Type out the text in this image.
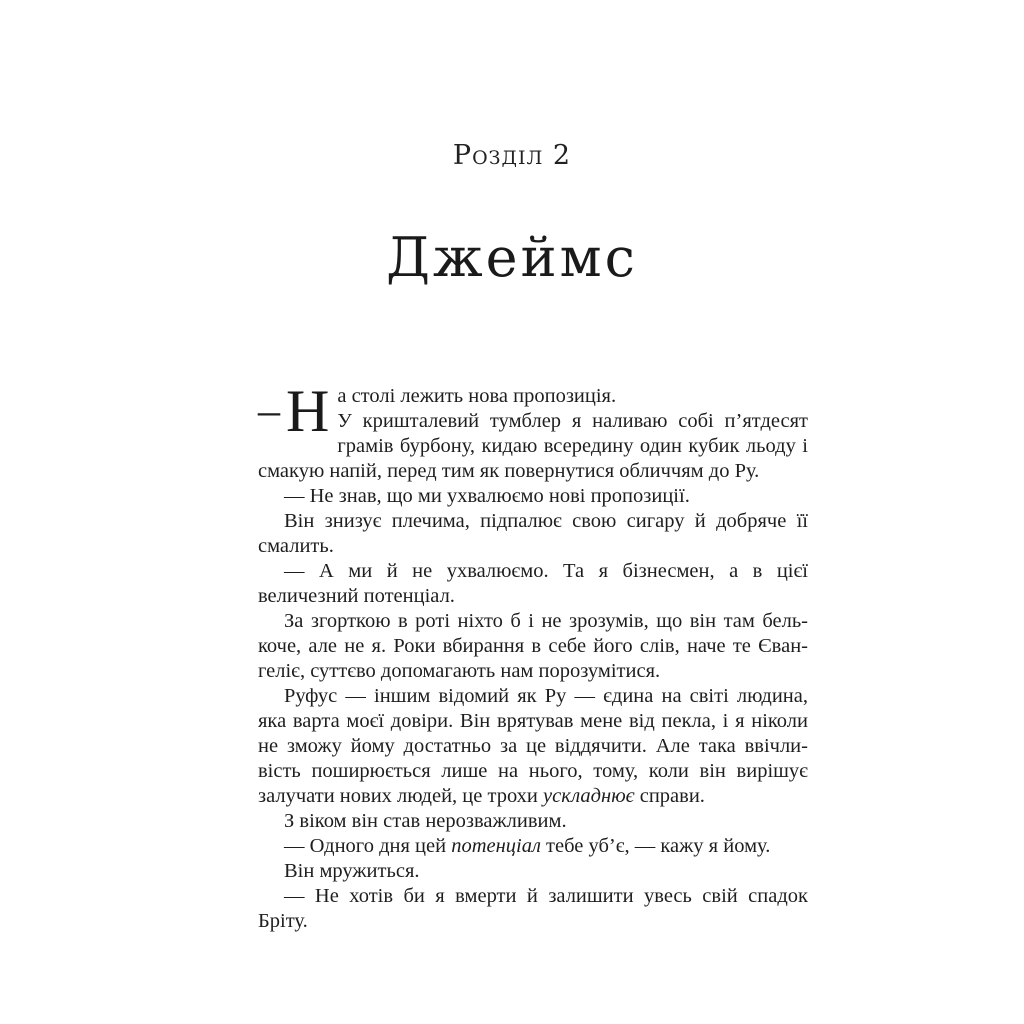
Розділ 2
Джеймс

– Н а столі лежить нова пропозиція.
У кришталевий тумблер я наливаю собі п’ятдесят грамів бурбону, кидаю всередину один кубик льоду і смакую напій, перед тим як повернутися обличчям до Ру.

— Не знав, що ми ухвалюємо нові пропозиції.

Він знизує плечима, підпалює свою сигару й добряче її смалить.

— А ми й не ухвалюємо. Та я бізнесмен, а в цієї величезний потенціал.

За згорткою в роті ніхто б і не зрозумів, що він там белькоче, але не я. Роки вбирання в себе його слів, наче те Євангеліє, суттєво допомагають нам порозумітися.

Руфус — іншим відомий як Ру — єдина на світі людина, яка варта моєї довіри. Він врятував мене від пекла, і я ніколи не зможу йому достатньо за це віддячити. Але така ввічливість поширюється лише на нього, тому, коли він вирішує залучати нових людей, це трохи ускладнює справи.

З віком він став нерозважливим.

— Одного дня цей потенціал тебе уб’є, — кажу я йому.

Він мружиться.

— Не хотів би я вмерти й залишити увесь свій спадок Бріту.
